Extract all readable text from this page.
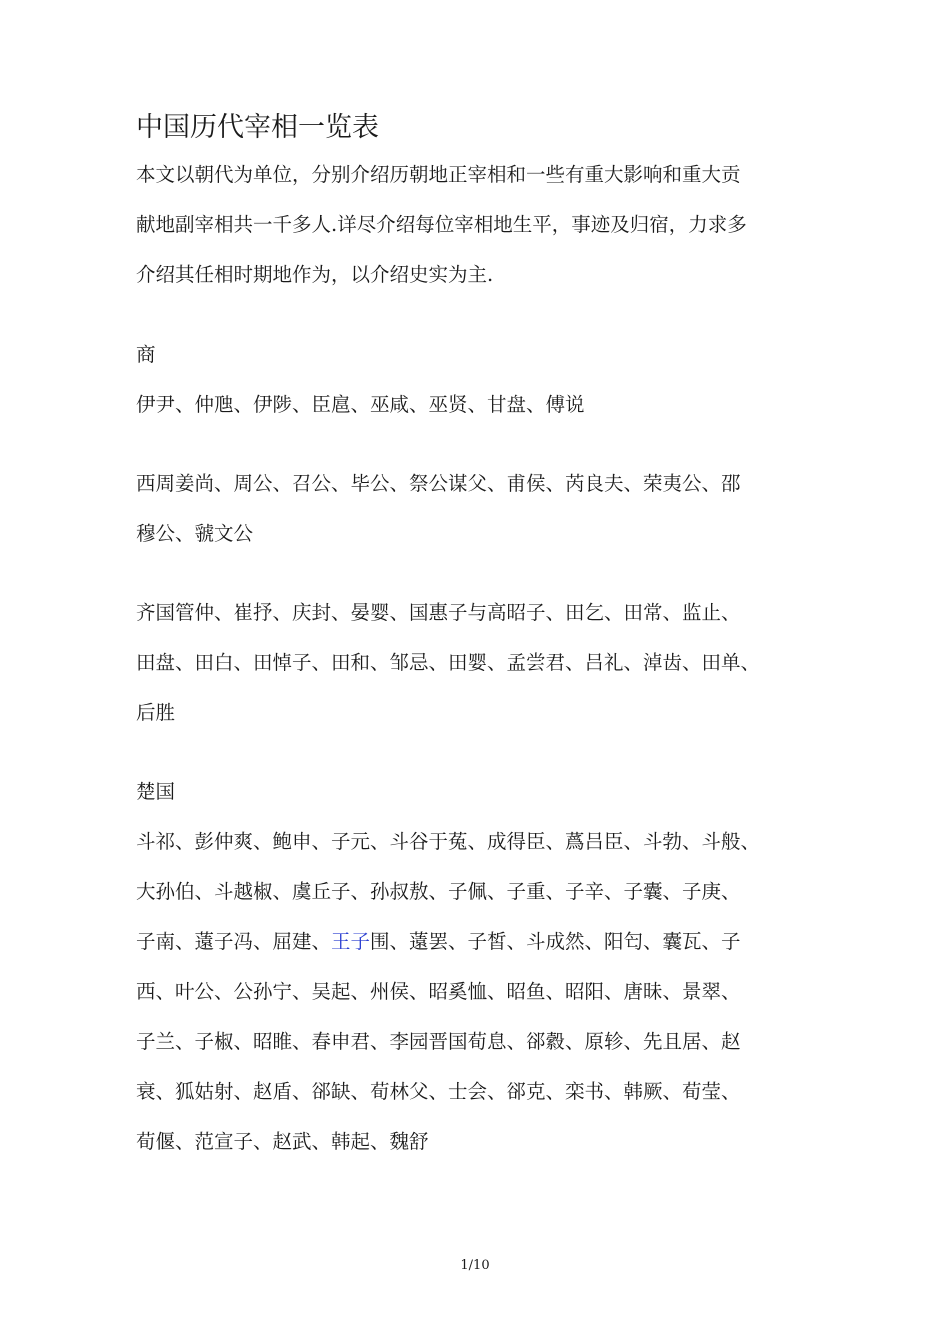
中国历代宰相一览表
本文以朝代为单位，分别介绍历朝地正宰相和一些有重大影响和重大贡
献地副宰相共一千多人.详尽介绍每位宰相地生平，事迹及归宿，力求多
介绍其任相时期地作为，以介绍史实为主.
商
伊尹、仲虺、伊陟、臣扈、巫咸、巫贤、甘盘、傅说
西周姜尚、周公、召公、毕公、祭公谋父、甫侯、芮良夫、荣夷公、邵
穆公、虢文公
齐国管仲、崔抒、庆封、晏婴、国惠子与高昭子、田乞、田常、监止、
田盘、田白、田悼子、田和、邹忌、田婴、孟尝君、吕礼、淖齿、田单、
后胜
楚国
斗祁、彭仲爽、鲍申、子元、斗谷于菟、成得臣、蔿吕臣、斗勃、斗般、
大孙伯、斗越椒、虞丘子、孙叔敖、子佩、子重、子辛、子囊、子庚、
子南、薳子冯、屈建、王子围、薳罢、子皙、斗成然、阳匄、囊瓦、子
西、叶公、公孙宁、吴起、州侯、昭奚恤、昭鱼、昭阳、唐昧、景翠、
子兰、子椒、昭睢、春申君、李园晋国荀息、郤縠、原轸、先且居、赵
衰、狐姑射、赵盾、郤缺、荀林父、士会、郤克、栾书、韩厥、荀莹、
荀偃、范宣子、赵武、韩起、魏舒
1/10
